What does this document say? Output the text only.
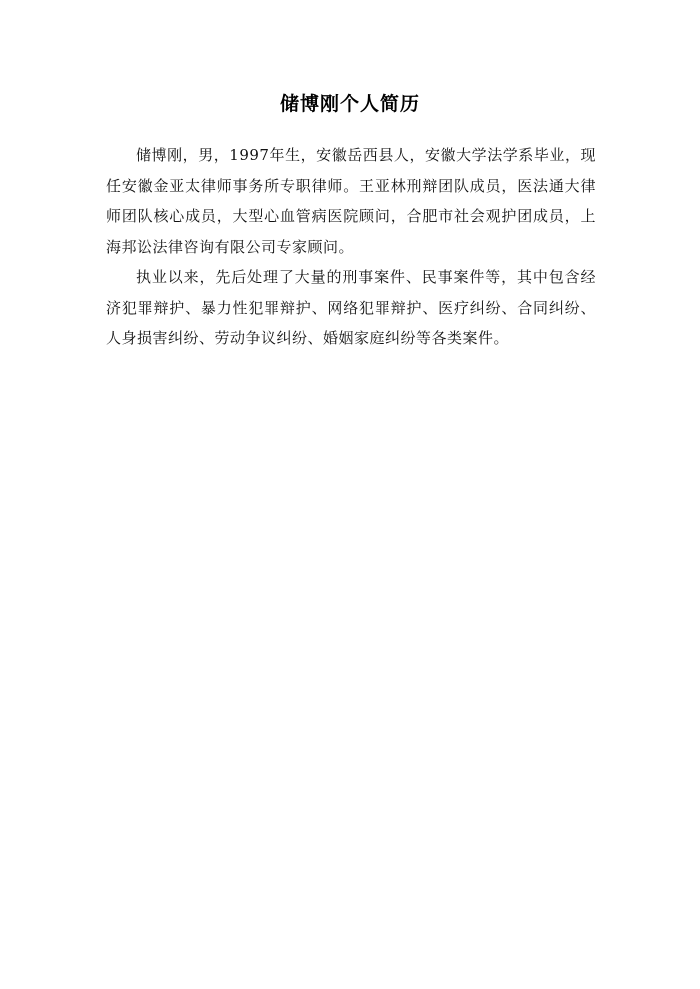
储博刚个人简历

储博刚，男，1997年生，安徽岳西县人，安徽大学法学系毕业，现任安徽金亚太律师事务所专职律师。王亚林刑辩团队成员，医法通大律师团队核心成员，大型心血管病医院顾问，合肥市社会观护团成员，上海邦讼法律咨询有限公司专家顾问。

执业以来，先后处理了大量的刑事案件、民事案件等，其中包含经济犯罪辩护、暴力性犯罪辩护、网络犯罪辩护、医疗纠纷、合同纠纷、人身损害纠纷、劳动争议纠纷、婚姻家庭纠纷等各类案件。
